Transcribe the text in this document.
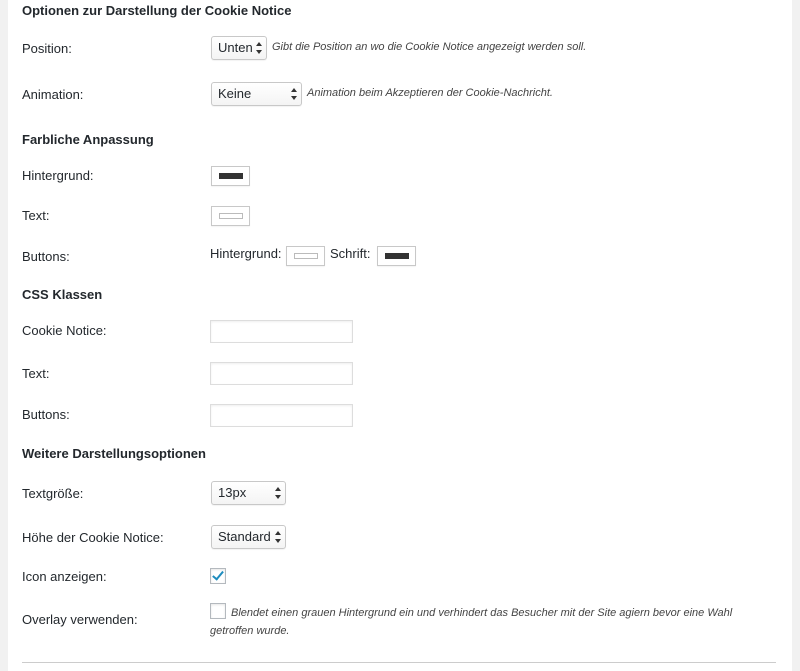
Optionen zur Darstellung der Cookie Notice
Position:	Unten	Gibt die Position an wo die Cookie Notice angezeigt werden soll.
Animation:	Keine	Animation beim Akzeptieren der Cookie-Nachricht.
Farbliche Anpassung
Hintergrund:
Text:
Buttons:	Hintergrund:	Schrift:
CSS Klassen
Cookie Notice:
Text:
Buttons:
Weitere Darstellungsoptionen
Textgröße:	13px
Höhe der Cookie Notice:	Standard
Icon anzeigen:
Overlay verwenden:	Blendet einen grauen Hintergrund ein und verhindert das Besucher mit der Site agiern bevor eine Wahl getroffen wurde.
